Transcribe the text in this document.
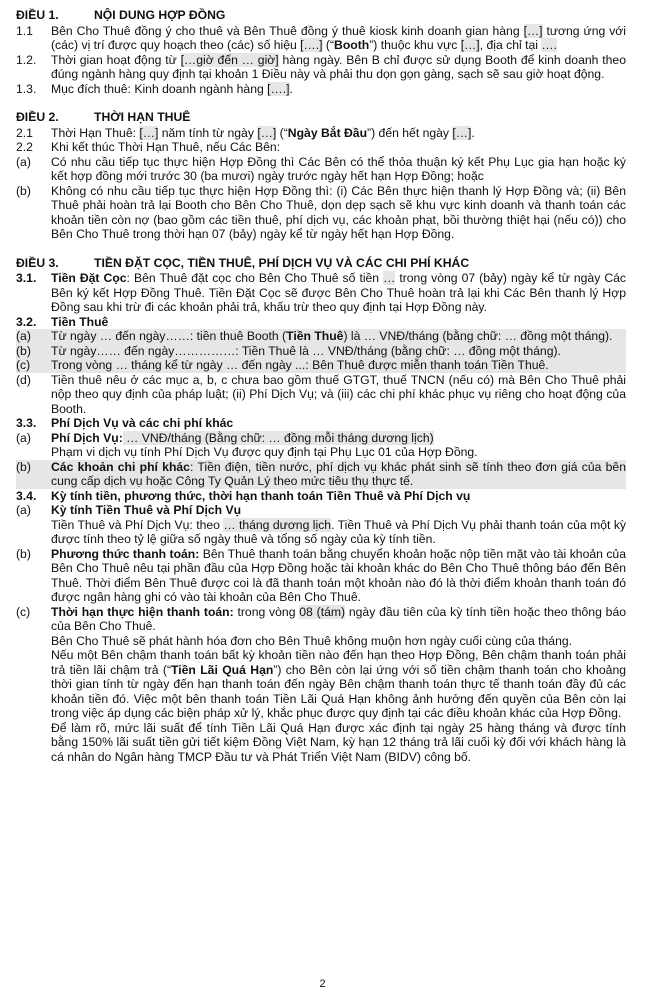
ĐIỀU 1.	NỘI DUNG HỢP ĐỒNG
1.1	Bên Cho Thuê đồng ý cho thuê và Bên Thuê đồng ý thuê kiosk kinh doanh gian hàng […] tương ứng với (các) vị trí được quy hoạch theo (các) số hiệu [….] (“Booth”) thuộc khu vực […], địa chỉ tại ….
1.2.	Thời gian hoạt động từ […giờ đến … giờ] hàng ngày. Bên B chỉ được sử dụng Booth để kinh doanh theo đúng ngành hàng quy định tại khoản 1 Điều này và phải thu dọn gọn gàng, sạch sẽ sau giờ hoạt động.
1.3.	Mục đích thuê: Kinh doanh ngành hàng [….].
ĐIỀU 2.	THỜI HẠN THUÊ
2.1	Thời Hạn Thuê: […] năm tính từ ngày […] (“Ngày Bắt Đầu”) đến hết ngày […].
2.2	Khi kết thúc Thời Hạn Thuê, nếu Các Bên:
(a)	Có nhu cầu tiếp tục thực hiện Hợp Đồng thì Các Bên có thể thỏa thuận ký kết Phụ Lục gia hạn hoặc ký kết hợp đồng mới trước 30 (ba mươi) ngày trước ngày hết hạn Hợp Đồng; hoặc
(b)	Không có nhu cầu tiếp tục thực hiện Hợp Đồng thì: (i) Các Bên thực hiện thanh lý Hợp Đồng và; (ii) Bên Thuê phải hoàn trả lại Booth cho Bên Cho Thuê, dọn dẹp sạch sẽ khu vực kinh doanh và thanh toán các khoản tiền còn nợ (bao gồm các tiền thuê, phí dịch vụ, các khoản phạt, bồi thường thiệt hại (nếu có)) cho Bên Cho Thuê trong thời hạn 07 (bảy) ngày kể từ ngày hết hạn Hợp Đồng.
ĐIỀU 3.	TIỀN ĐẶT CỌC, TIỀN THUÊ, PHÍ DỊCH VỤ VÀ CÁC CHI PHÍ KHÁC
3.1.	Tiền Đặt Cọc: Bên Thuê đặt cọc cho Bên Cho Thuê số tiền … trong vòng 07 (bảy) ngày kể từ ngày Các Bên ký kết Hợp Đồng Thuê. Tiền Đặt Cọc sẽ được Bên Cho Thuê hoàn trả lại khi Các Bên thanh lý Hợp Đồng sau khi trừ đi các khoản phải trả, khấu trừ theo quy định tại Hợp Đồng này.
3.2.	Tiền Thuê
(a)	Từ ngày … đến ngày……: tiền thuê Booth (Tiền Thuê) là … VNĐ/tháng (bằng chữ: … đồng một tháng).
(b)	Từ ngày…… đến ngày……………: Tiền Thuê là … VNĐ/tháng (bằng chữ: … đồng một tháng).
(c)	Trong vòng … tháng kể từ ngày … đến ngày ...: Bên Thuê được miễn thanh toán Tiền Thuê.
(d)	Tiền thuê nêu ở các mục a, b, c chưa bao gồm thuế GTGT, thuế TNCN (nếu có) mà Bên Cho Thuê phải nộp theo quy định của pháp luật; (ii) Phí Dịch Vụ; và (iii) các chi phí khác phục vụ riêng cho hoạt động của Booth.
3.3.	Phí Dịch Vụ và các chi phí khác
(a)	Phí Dịch Vụ: … VNĐ/tháng (Bằng chữ: … đồng mỗi tháng dương lịch)
Phạm vi dịch vụ tính Phí Dịch Vụ được quy định tại Phụ Lục 01 của Hợp Đồng.
(b)	Các khoản chi phí khác: Tiền điện, tiền nước, phí dịch vụ khác phát sinh sẽ tính theo đơn giá của bên cung cấp dịch vụ hoặc Công Ty Quản Lý theo mức tiêu thụ thực tế.
3.4.	Kỳ tính tiền, phương thức, thời hạn thanh toán Tiền Thuê và Phí Dịch vụ
(a)	Kỳ tính Tiền Thuê và Phí Dịch Vụ
Tiền Thuê và Phí Dịch Vụ: theo … tháng dương lịch. Tiền Thuê và Phí Dịch Vụ phải thanh toán của một kỳ được tính theo tỷ lệ giữa số ngày thuê và tổng số ngày của kỳ tính tiền.
(b)	Phương thức thanh toán: Bên Thuê thanh toán bằng chuyển khoản hoặc nộp tiền mặt vào tài khoản của Bên Cho Thuê nêu tại phần đầu của Hợp Đồng hoặc tài khoản khác do Bên Cho Thuê thông báo đến Bên Thuê. Thời điểm Bên Thuê được coi là đã thanh toán một khoản nào đó là thời điểm khoản thanh toán đó được ngân hàng ghi có vào tài khoản của Bên Cho Thuê.
(c)	Thời hạn thực hiện thanh toán: trong vòng 08 (tám) ngày đầu tiên của kỳ tính tiền hoặc theo thông báo của Bên Cho Thuê.
Bên Cho Thuê sẽ phát hành hóa đơn cho Bên Thuê không muộn hơn ngày cuối cùng của tháng.
Nếu một Bên chậm thanh toán bất kỳ khoản tiền nào đến hạn theo Hợp Đồng, Bên chậm thanh toán phải trả tiền lãi chậm trả (“Tiền Lãi Quá Hạn”) cho Bên còn lại ứng với số tiền chậm thanh toán cho khoảng thời gian tính từ ngày đến hạn thanh toán đến ngày Bên chậm thanh toán thực tế thanh toán đầy đủ các khoản tiền đó. Việc một bên thanh toán Tiền Lãi Quá Hạn không ảnh hưởng đến quyền của Bên còn lại trong việc áp dụng các biện pháp xử lý, khắc phục được quy định tại các điều khoản khác của Hợp Đồng.
Để làm rõ, mức lãi suất để tính Tiền Lãi Quá Hạn được xác định tại ngày 25 hàng tháng và được tính bằng 150% lãi suất tiền gửi tiết kiệm Đồng Việt Nam, kỳ hạn 12 tháng trả lãi cuối kỳ đối với khách hàng là cá nhân do Ngân hàng TMCP Đầu tư và Phát Triển Việt Nam (BIDV) công bố.
2
